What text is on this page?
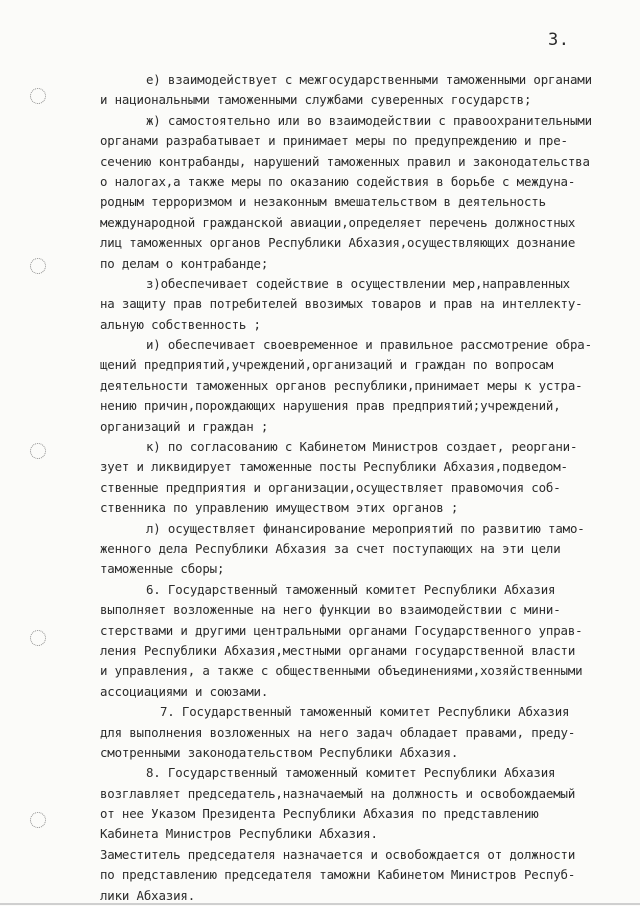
3.
е) взаимодействует с межгосударственными таможенными органами
и национальными таможенными службами суверенных государств;
ж) самостоятельно или во взаимодействии с правоохранительными
органами разрабатывает и принимает меры по предупреждению и пре-
сечению контрабанды, нарушений таможенных правил и законодательства
о налогах,а также меры по оказанию содействия в борьбе с междуна-
родным терроризмом и незаконным вмешательством в деятельность
международной гражданской авиации,определяет перечень должностных
лиц таможенных органов Республики Абхазия,осуществляющих дознание
по делам о контрабанде;
з)обеспечивает содействие в осуществлении мер,направленных
на защиту прав потребителей ввозимых товаров и прав на интеллекту-
альную собственность ;
и) обеспечивает своевременное и правильное рассмотрение обра-
щений предприятий,учреждений,организаций и граждан по вопросам
деятельности таможенных органов республики,принимает меры к устра-
нению причин,порождающих нарушения прав предприятий;учреждений,
организаций и граждан ;
к) по согласованию с Кабинетом Министров создает, реоргани-
зует и ликвидирует таможенные посты Республики Абхазия,подведом-
ственные предприятия и организации,осуществляет правомочия соб-
ственника по управлению имуществом этих органов ;
л) осуществляет финансирование мероприятий по развитию тамо-
женного дела Республики Абхазия за счет поступающих на эти цели
таможенные сборы;
6. Государственный таможенный комитет Республики Абхазия
выполняет возложенные на него функции во взаимодействии с мини-
стерствами и другими центральными органами Государственного управ-
ления Республики Абхазия,местными органами государственной власти
и управления, а также с общественными объединениями,хозяйственными
ассоциациями и союзами.
7. Государственный таможенный комитет Республики Абхазия
для выполнения возложенных на него задач обладает правами, преду-
смотренными законодательством Республики Абхазия.
8. Государственный таможенный комитет Республики Абхазия
возглавляет председатель,назначаемый на должность и освобождаемый
от нее Указом Президента Республики Абхазия по представлению
Кабинета Министров Республики Абхазия.
Заместитель председателя назначается и освобождается от должности
по представлению председателя таможни Кабинетом Министров Респуб-
лики Абхазия.
